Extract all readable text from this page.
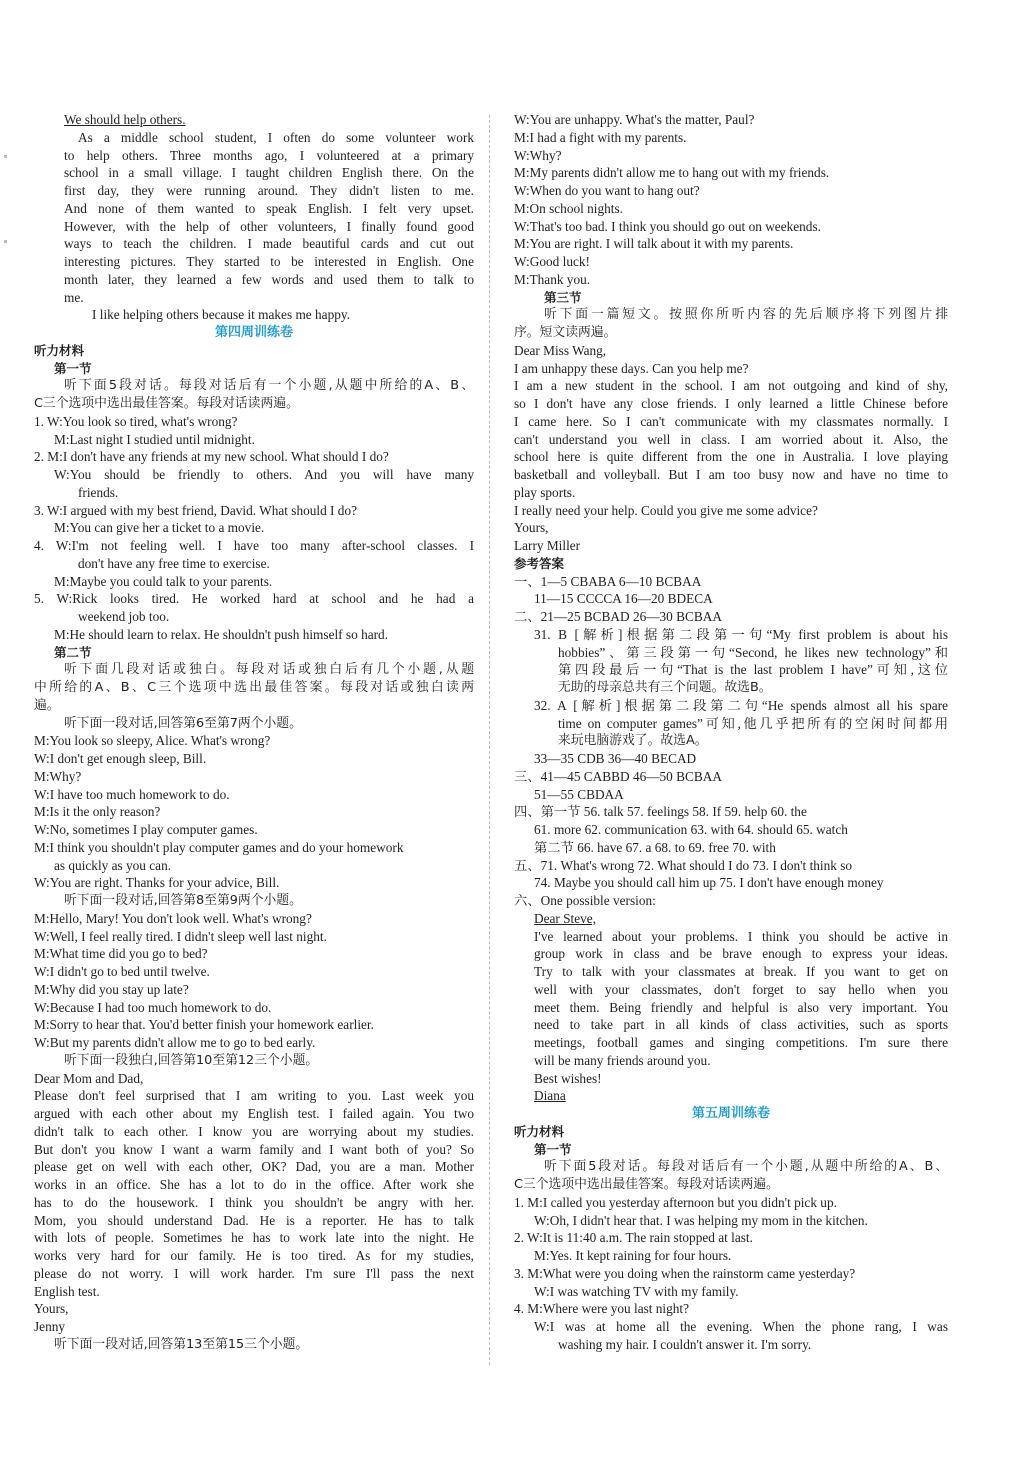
We should help others.
As a middle school student, I often do some volunteer work
to help others. Three months ago, I volunteered at a primary
school in a small village. I taught children English there. On the
first day, they were running around. They didn't listen to me.
And none of them wanted to speak English. I felt very upset.
However, with the help of other volunteers, I finally found good
ways to teach the children. I made beautiful cards and cut out
interesting pictures. They started to be interested in English. One
month later, they learned a few words and used them to talk to
me.
I like helping others because it makes me happy.
第四周训练卷
听力材料
第一节
听下面5段对话。每段对话后有一个小题,从题中所给的A、B、
C三个选项中选出最佳答案。每段对话读两遍。
1. W:You look so tired, what's wrong?
M:Last night I studied until midnight.
2. M:I don't have any friends at my new school. What should I do?
W:You should be friendly to others. And you will have many
friends.
3. W:I argued with my best friend, David. What should I do?
M:You can give her a ticket to a movie.
4. W:I'm not feeling well. I have too many after-school classes. I
don't have any free time to exercise.
M:Maybe you could talk to your parents.
5. W:Rick looks tired. He worked hard at school and he had a
weekend job too.
M:He should learn to relax. He shouldn't push himself so hard.
第二节
听下面几段对话或独白。每段对话或独白后有几个小题,从题
中所给的A、B、C三个选项中选出最佳答案。每段对话或独白读两
遍。
听下面一段对话,回答第6至第7两个小题。
M:You look so sleepy, Alice. What's wrong?
W:I don't get enough sleep, Bill.
M:Why?
W:I have too much homework to do.
M:Is it the only reason?
W:No, sometimes I play computer games.
M:I think you shouldn't play computer games and do your homework
as quickly as you can.
W:You are right. Thanks for your advice, Bill.
听下面一段对话,回答第8至第9两个小题。
M:Hello, Mary! You don't look well. What's wrong?
W:Well, I feel really tired. I didn't sleep well last night.
M:What time did you go to bed?
W:I didn't go to bed until twelve.
M:Why did you stay up late?
W:Because I had too much homework to do.
M:Sorry to hear that. You'd better finish your homework earlier.
W:But my parents didn't allow me to go to bed early.
听下面一段独白,回答第10至第12三个小题。
Dear Mom and Dad,
Please don't feel surprised that I am writing to you. Last week you
argued with each other about my English test. I failed again. You two
didn't talk to each other. I know you are worrying about my studies.
But don't you know I want a warm family and I want both of you? So
please get on well with each other, OK? Dad, you are a man. Mother
works in an office. She has a lot to do in the office. After work she
has to do the housework. I think you shouldn't be angry with her.
Mom, you should understand Dad. He is a reporter. He has to talk
with lots of people. Sometimes he has to work late into the night. He
works very hard for our family. He is too tired. As for my studies,
please do not worry. I will work harder. I'm sure I'll pass the next
English test.
Yours,
Jenny
听下面一段对话,回答第13至第15三个小题。
W:You are unhappy. What's the matter, Paul?
M:I had a fight with my parents.
W:Why?
M:My parents didn't allow me to hang out with my friends.
W:When do you want to hang out?
M:On school nights.
W:That's too bad. I think you should go out on weekends.
M:You are right. I will talk about it with my parents.
W:Good luck!
M:Thank you.
第三节
听下面一篇短文。按照你所听内容的先后顺序将下列图片排
序。短文读两遍。
Dear Miss Wang,
I am unhappy these days. Can you help me?
I am a new student in the school. I am not outgoing and kind of shy,
so I don't have any close friends. I only learned a little Chinese before
I came here. So I can't communicate with my classmates normally. I
can't understand you well in class. I am worried about it. Also, the
school here is quite different from the one in Australia. I love playing
basketball and volleyball. But I am too busy now and have no time to
play sports.
I really need your help. Could you give me some advice?
Yours,
Larry Miller
参考答案
一、1—5 CBABA 6—10 BCBAA
11—15 CCCCA 16—20 BDECA
二、21—25 BCBAD 26—30 BCBAA
31. B [解析]根据第二段第一句“My first problem is about his
hobbies”、第三段第一句“Second, he likes new technology”和
第四段最后一句“That is the last problem I have”可知,这位
无助的母亲总共有三个问题。故选B。
32. A [解析]根据第二段第二句“He spends almost all his spare
time on computer games”可知,他几乎把所有的空闲时间都用
来玩电脑游戏了。故选A。
33—35 CDB 36—40 BECAD
三、41—45 CABBD 46—50 BCBAA
51—55 CBDAA
四、第一节 56. talk 57. feelings 58. If 59. help 60. the
61. more 62. communication 63. with 64. should 65. watch
第二节 66. have 67. a 68. to 69. free 70. with
五、71. What's wrong 72. What should I do 73. I don't think so
74. Maybe you should call him up 75. I don't have enough money
六、One possible version:
Dear Steve,
I've learned about your problems. I think you should be active in
group work in class and be brave enough to express your ideas.
Try to talk with your classmates at break. If you want to get on
well with your classmates, don't forget to say hello when you
meet them. Being friendly and helpful is also very important. You
need to take part in all kinds of class activities, such as sports
meetings, football games and singing competitions. I'm sure there
will be many friends around you.
Best wishes!
Diana
第五周训练卷
听力材料
第一节
听下面5段对话。每段对话后有一个小题,从题中所给的A、B、
C三个选项中选出最佳答案。每段对话读两遍。
1. M:I called you yesterday afternoon but you didn't pick up.
W:Oh, I didn't hear that. I was helping my mom in the kitchen.
2. W:It is 11:40 a.m. The rain stopped at last.
M:Yes. It kept raining for four hours.
3. M:What were you doing when the rainstorm came yesterday?
W:I was watching TV with my family.
4. M:Where were you last night?
W:I was at home all the evening. When the phone rang, I was
washing my hair. I couldn't answer it. I'm sorry.
